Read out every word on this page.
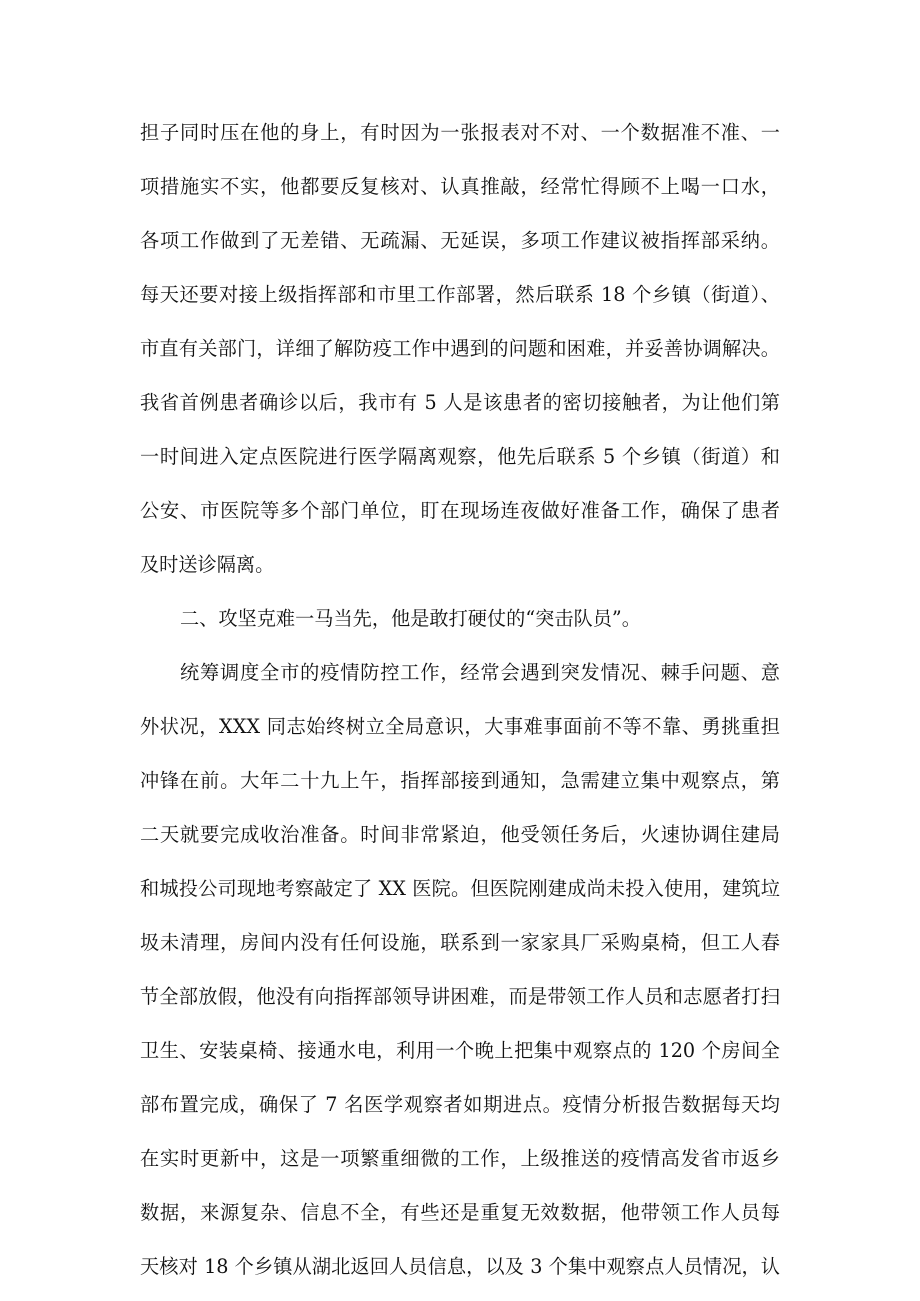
担子同时压在他的身上，有时因为一张报表对不对、一个数据准不准、一
项措施实不实，他都要反复核对、认真推敲，经常忙得顾不上喝一口水，
各项工作做到了无差错、无疏漏、无延误，多项工作建议被指挥部采纳。
每天还要对接上级指挥部和市里工作部署，然后联系 18 个乡镇（街道）、
市直有关部门，详细了解防疫工作中遇到的问题和困难，并妥善协调解决。
我省首例患者确诊以后，我市有 5 人是该患者的密切接触者，为让他们第
一时间进入定点医院进行医学隔离观察，他先后联系 5 个乡镇（街道）和
公安、市医院等多个部门单位，盯在现场连夜做好准备工作，确保了患者
及时送诊隔离。
二、攻坚克难一马当先，他是敢打硬仗的“突击队员”。
统筹调度全市的疫情防控工作，经常会遇到突发情况、棘手问题、意
外状况，XXX 同志始终树立全局意识，大事难事面前不等不靠、勇挑重担
冲锋在前。大年二十九上午，指挥部接到通知，急需建立集中观察点，第
二天就要完成收治准备。时间非常紧迫，他受领任务后，火速协调住建局
和城投公司现地考察敲定了 XX 医院。但医院刚建成尚未投入使用，建筑垃
圾未清理，房间内没有任何设施，联系到一家家具厂采购桌椅，但工人春
节全部放假，他没有向指挥部领导讲困难，而是带领工作人员和志愿者打扫
卫生、安装桌椅、接通水电，利用一个晚上把集中观察点的 120 个房间全
部布置完成，确保了 7 名医学观察者如期进点。疫情分析报告数据每天均
在实时更新中，这是一项繁重细微的工作，上级推送的疫情高发省市返乡
数据，来源复杂、信息不全，有些还是重复无效数据，他带领工作人员每
天核对 18 个乡镇从湖北返回人员信息，以及 3 个集中观察点人员情况，认
